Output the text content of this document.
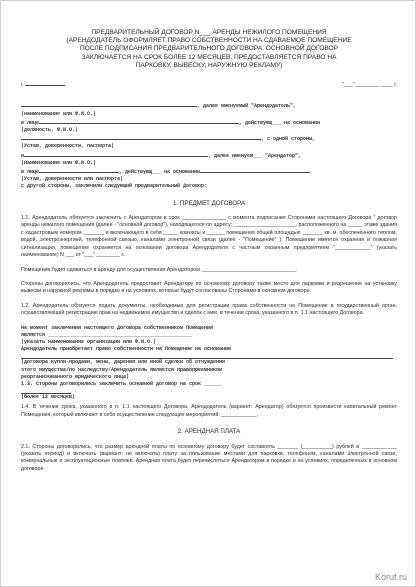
ПРЕДВАРИТЕЛЬНЫЙ ДОГОВОР N___ АРЕНДЫ НЕЖИЛОГО ПОМЕЩЕНИЯ
(АРЕНДОДАТЕЛЬ ОФОРМЛЯЕТ ПРАВО СОБСТВЕННОСТИ НА СДАВАЕМОЕ ПОМЕЩЕНИЕ
ПОСЛЕ ПОДПИСАНИЯ ПРЕДВАРИТЕЛЬНОГО ДОГОВОРА, ОСНОВНОЙ ДОГОВОР
ЗАКЛЮЧАЕТСЯ НА СРОК БОЛЕЕ 12 МЕСЯЦЕВ, ПРЕДОСТАВЛЯЕТСЯ ПРАВО НА
ПАРКОВКУ, ВЫВЕСКУ, НАРУЖНУЮ РЕКЛАМУ)
г.	"___" ________ ____ г.
, далее именуемый "Арендодатель",
(наименование или Ф.И.О.)
в лице	, действующ___ на основании
(должность, Ф.И.О.)
, с одной стороны,
(Устав, доверенности, паспорта)
и	, далее именуем___ "Арендатор",
(наименование или Ф.И.О.)
в лице	, действующ___ на основании
(Устав, доверенности или паспорта)
с другой стороны, заключили следующий предварительный Договор:
1. ПРЕДМЕТ ДОГОВОРА
1.1. Арендодатель обязуется заключить с Арендатором в срок _______________ с момента подписания Сторонами настоящего Договора " договор аренды нежилого помещения (далее - "основной договор"), находящегося по адресу: _____________________, расположенного на _____ этаже здания с кадастровым номером _______ и включающего в себя _____ комнаты и ______ помещения общей площадью _______ кв. м, обеспеченного теплом, водой, электроэнергией, телефонной связью, каналами электронной связи (далее - "Помещение" ). Помещение имеется охранная и пожарная сигнализация, помещение охраняется на основании договора Арендодателя с частным охранным предприятием "____________" (указать наименование) N ___ от "___" ________ г.
Помещение будет сдаваться в аренду для осуществления Арендатором ________________________________.
Стороны договорились, что Арендодатель предоставит Арендатору по основному договору также место для парковки и разрешение на установку вывески и наружной рекламы в порядке и на условиях, которые будут согласованы Сторонами в основном договоре.
1.2. Арендодатель обязуется подать документы, необходимые для регистрации права собственности на Помещение в государственный орган, осуществляющий регистрацию прав на недвижимое имущество и сделок с ним, в течение срока, указанного в п. 1.1 настоящего Договора.
На момент заключения настоящего Договора собственником Помещения
является ________________________________________________
(указать наименование организации или Ф.И.О.)
Арендодатель приобретает право собственности на Помещение на основании
(договора купли-продажи, мены, дарения или иной сделки об отчуждении
этого имущества/по наследству/Арендодатель является правопреемником
реорганизованного юридического лица)
1.3. Стороны договорились заключить основной договор на срок ______
(более 12 месяцев)
1.4. В течение срока, указанного в п. 1.1 настоящего Договора, Арендодатель (вариант: Арендатор) обязуется произвести капитальный ремонт Помещения, который включает в себя осуществление следующих мероприятий: ____________.
2. АРЕНДНАЯ ПЛАТА
2.1. Стороны договорились, что размер арендной платы по основному договору будет составлять _______ (__________) рублей в ____________ (указать период) и включать (вариант: не включать) плату за пользование местами для парковки, телефоном, каналами электронной связи, коммунальные и эксплуатационные платежи. Арендная плата будет перечисляться Арендатором в порядке и на условиях, определенных в основном договоре.
Koruf.ru
